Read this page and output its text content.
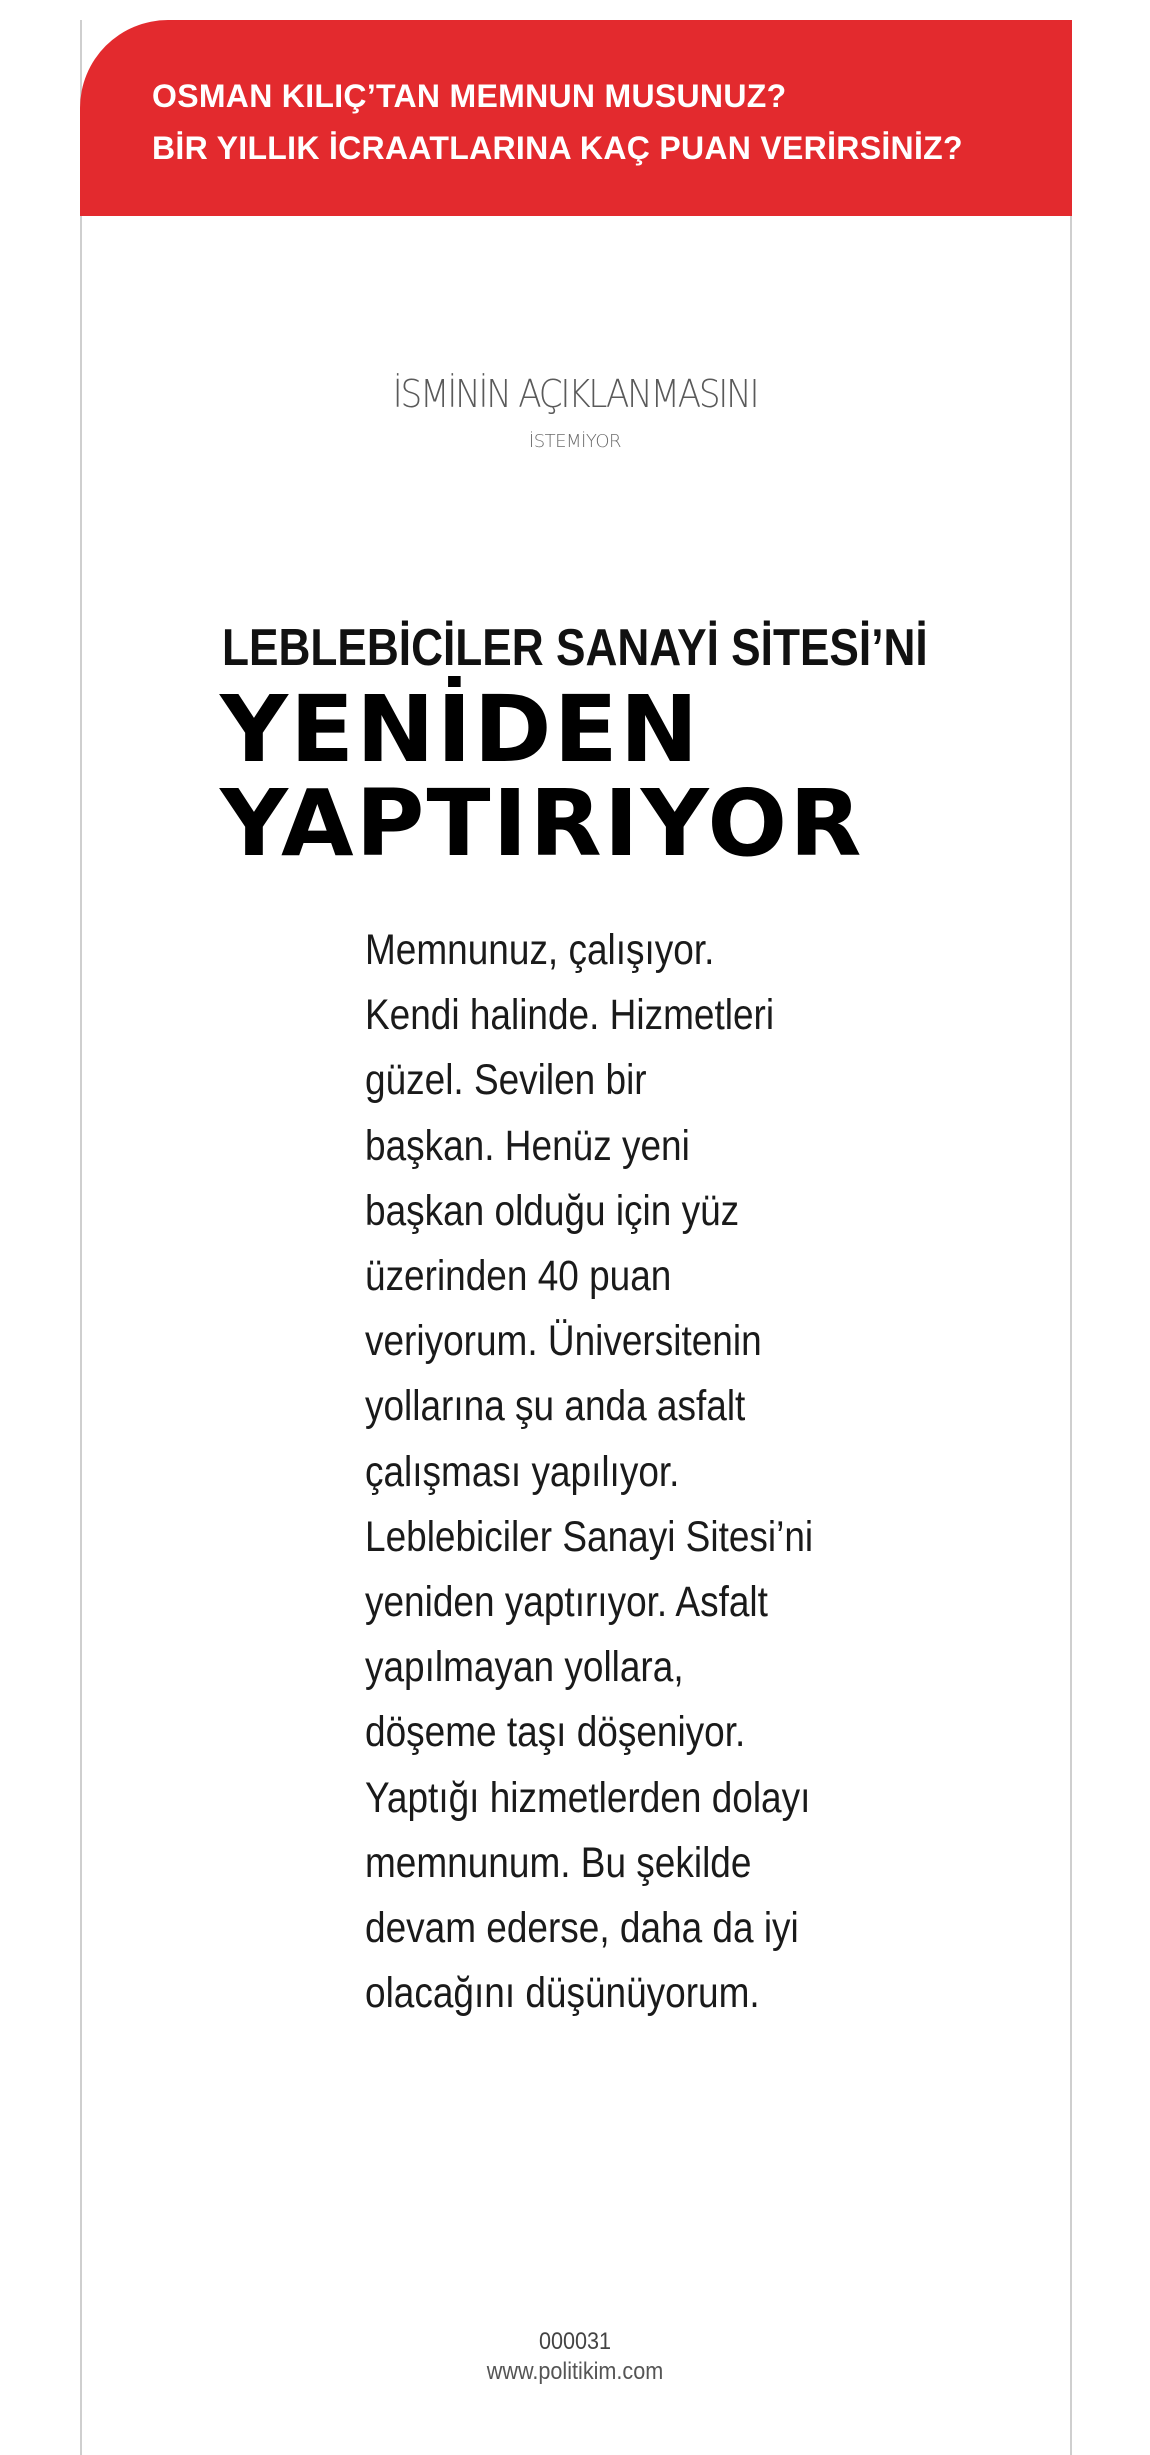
OSMAN KILIÇ’TAN MEMNUN MUSUNUZ?
BİR YILLIK İCRAATLARINA KAÇ PUAN VERİRSİNİZ?
İSMİNİN AÇIKLANMASINI
İSTEMİYOR
LEBLEBİCİLER SANAYİ SİTESİ’Nİ
YENİDEN
YAPTIRIYOR

Memnunuz, çalışıyor.
Kendi halinde. Hizmetleri
güzel. Sevilen bir
başkan. Henüz yeni
başkan olduğu için yüz
üzerinden 40 puan
veriyorum. Üniversitenin
yollarına şu anda asfalt
çalışması yapılıyor.
Leblebiciler Sanayi Sitesi’ni
yeniden yaptırıyor. Asfalt
yapılmayan yollara,
döşeme taşı döşeniyor.
Yaptığı hizmetlerden dolayı
memnunum. Bu şekilde
devam ederse, daha da iyi
olacağını düşünüyorum.

000031
www.politikim.com
